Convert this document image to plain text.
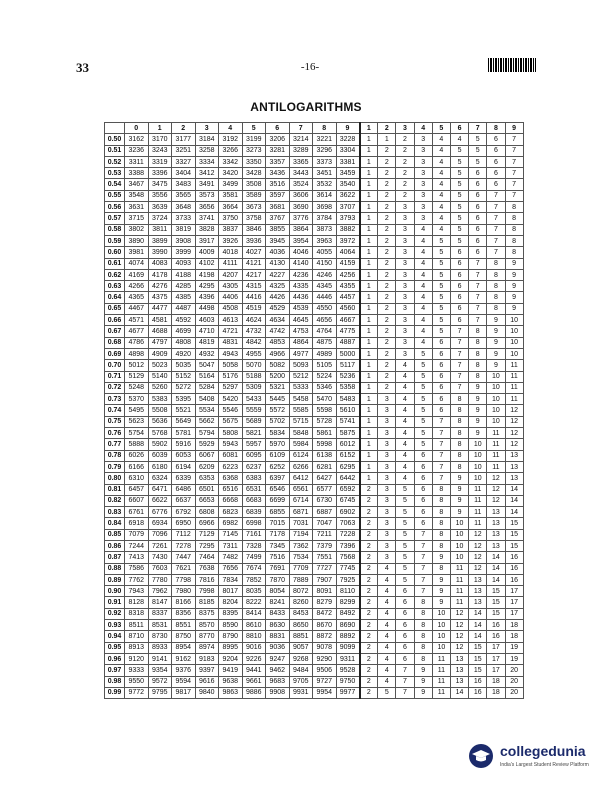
33	-16-
ANTILOGARITHMS
	0	1	2	3	4	5	6	7	8	9	1	2	3	4	5	6	7	8	9
0.50	3162	3170	3177	3184	3192	3199	3206	3214	3221	3228	1	1	2	3	4	4	5	6	7
0.51	3236	3243	3251	3258	3266	3273	3281	3289	3296	3304	1	2	2	3	4	5	5	6	7
0.52	3311	3319	3327	3334	3342	3350	3357	3365	3373	3381	1	2	2	3	4	5	5	6	7
0.53	3388	3396	3404	3412	3420	3428	3436	3443	3451	3459	1	2	2	3	4	5	6	6	7
0.54	3467	3475	3483	3491	3499	3508	3516	3524	3532	3540	1	2	2	3	4	5	6	6	7
0.55	3548	3556	3565	3573	3581	3589	3597	3606	3614	3622	1	2	2	3	4	5	6	7	7
0.56	3631	3639	3648	3656	3664	3673	3681	3690	3698	3707	1	2	3	3	4	5	6	7	8
0.57	3715	3724	3733	3741	3750	3758	3767	3776	3784	3793	1	2	3	3	4	5	6	7	8
0.58	3802	3811	3819	3828	3837	3846	3855	3864	3873	3882	1	2	3	4	4	5	6	7	8
0.59	3890	3899	3908	3917	3926	3936	3945	3954	3963	3972	1	2	3	4	5	5	6	7	8
0.60	3981	3990	3999	4009	4018	4027	4036	4046	4055	4064	1	2	3	4	5	6	6	7	8
0.61	4074	4083	4093	4102	4111	4121	4130	4140	4150	4159	1	2	3	4	5	6	7	8	9
0.62	4169	4178	4188	4198	4207	4217	4227	4236	4246	4256	1	2	3	4	5	6	7	8	9
0.63	4266	4276	4285	4295	4305	4315	4325	4335	4345	4355	1	2	3	4	5	6	7	8	9
0.64	4365	4375	4385	4396	4406	4416	4426	4436	4446	4457	1	2	3	4	5	6	7	8	9
0.65	4467	4477	4487	4498	4508	4519	4529	4539	4550	4560	1	2	3	4	5	6	7	8	9
0.66	4571	4581	4592	4603	4613	4624	4634	4645	4656	4667	1	2	3	4	5	6	7	9	10
0.67	4677	4688	4699	4710	4721	4732	4742	4753	4764	4775	1	2	3	4	5	7	8	9	10
0.68	4786	4797	4808	4819	4831	4842	4853	4864	4875	4887	1	2	3	4	6	7	8	9	10
0.69	4898	4909	4920	4932	4943	4955	4966	4977	4989	5000	1	2	3	5	6	7	8	9	10
0.70	5012	5023	5035	5047	5058	5070	5082	5093	5105	5117	1	2	4	5	6	7	8	9	11
0.71	5129	5140	5152	5164	5176	5188	5200	5212	5224	5236	1	2	4	5	6	7	8	10	11
0.72	5248	5260	5272	5284	5297	5309	5321	5333	5346	5358	1	2	4	5	6	7	9	10	11
0.73	5370	5383	5395	5408	5420	5433	5445	5458	5470	5483	1	3	4	5	6	8	9	10	11
0.74	5495	5508	5521	5534	5546	5559	5572	5585	5598	5610	1	3	4	5	6	8	9	10	12
0.75	5623	5636	5649	5662	5675	5689	5702	5715	5728	5741	1	3	4	5	7	8	9	10	12
0.76	5754	5768	5781	5794	5808	5821	5834	5848	5861	5875	1	3	4	5	7	8	9	11	12
0.77	5888	5902	5916	5929	5943	5957	5970	5984	5998	6012	1	3	4	5	7	8	10	11	12
0.78	6026	6039	6053	6067	6081	6095	6109	6124	6138	6152	1	3	4	6	7	8	10	11	13
0.79	6166	6180	6194	6209	6223	6237	6252	6266	6281	6295	1	3	4	6	7	8	10	11	13
0.80	6310	6324	6339	6353	6368	6383	6397	6412	6427	6442	1	3	4	6	7	9	10	12	13
0.81	6457	6471	6486	6501	6516	6531	6546	6561	6577	6592	2	3	5	6	8	9	11	12	14
0.82	6607	6622	6637	6653	6668	6683	6699	6714	6730	6745	2	3	5	6	8	9	11	12	14
0.83	6761	6776	6792	6808	6823	6839	6855	6871	6887	6902	2	3	5	6	8	9	11	13	14
0.84	6918	6934	6950	6966	6982	6998	7015	7031	7047	7063	2	3	5	6	8	10	11	13	15
0.85	7079	7096	7112	7129	7145	7161	7178	7194	7211	7228	2	3	5	7	8	10	12	13	15
0.86	7244	7261	7278	7295	7311	7328	7345	7362	7379	7396	2	3	5	7	8	10	12	13	15
0.87	7413	7430	7447	7464	7482	7499	7516	7534	7551	7568	2	3	5	7	9	10	12	14	16
0.88	7586	7603	7621	7638	7656	7674	7691	7709	7727	7745	2	4	5	7	8	11	12	14	16
0.89	7762	7780	7798	7816	7834	7852	7870	7889	7907	7925	2	4	5	7	9	11	13	14	16
0.90	7943	7962	7980	7998	8017	8035	8054	8072	8091	8110	2	4	6	7	9	11	13	15	17
0.91	8128	8147	8166	8185	8204	8222	8241	8260	8279	8299	2	4	6	8	9	11	13	15	17
0.92	8318	8337	8356	8375	8395	8414	8433	8453	8472	8492	2	4	6	8	10	12	14	15	17
0.93	8511	8531	8551	8570	8590	8610	8630	8650	8670	8690	2	4	6	8	10	12	14	16	18
0.94	8710	8730	8750	8770	8790	8810	8831	8851	8872	8892	2	4	6	8	10	12	14	16	18
0.95	8913	8933	8954	8974	8995	9016	9036	9057	9078	9099	2	4	6	8	10	12	15	17	19
0.96	9120	9141	9162	9183	9204	9226	9247	9268	9290	9311	2	4	6	8	11	13	15	17	19
0.97	9333	9354	9376	9397	9419	9441	9462	9484	9506	9528	2	4	7	9	11	13	15	17	20
0.98	9550	9572	9594	9616	9638	9661	9683	9705	9727	9750	2	4	7	9	11	13	16	18	20
0.99	9772	9795	9817	9840	9863	9886	9908	9931	9954	9977	2	5	7	9	11	14	16	18	20
collegedunia
India's Largest Student Review Platform
